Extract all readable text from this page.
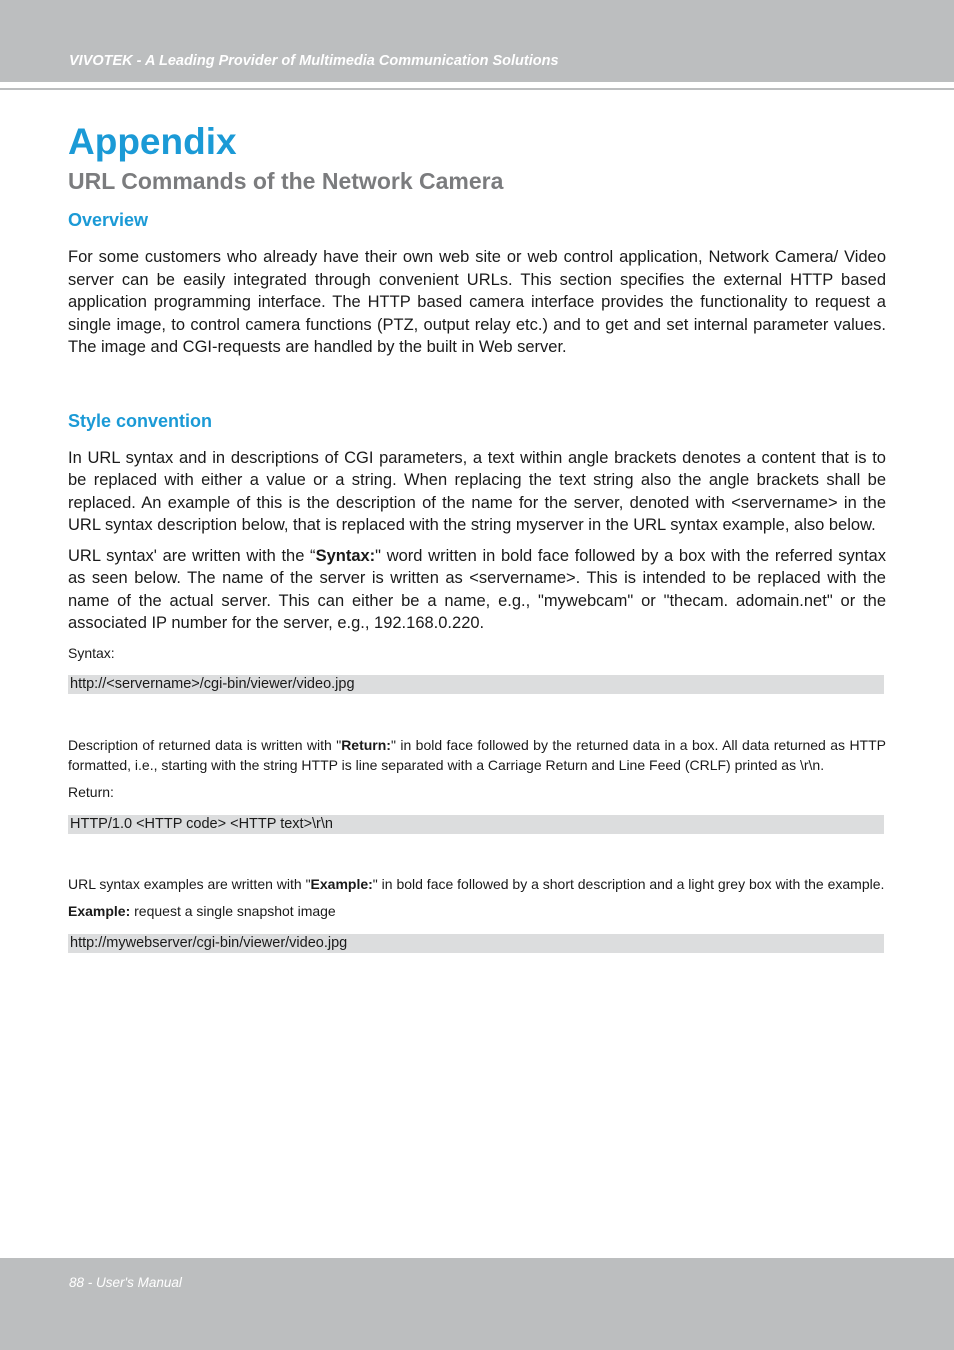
VIVOTEK - A Leading Provider of Multimedia Communication Solutions
Appendix
URL Commands of the Network Camera
Overview

For some customers who already have their own web site or web control application, Network Camera/ Video server can be easily integrated through convenient URLs. This section specifies the external HTTP based application programming interface. The HTTP based camera interface provides the functionality to request a single image, to control camera functions (PTZ, output relay etc.) and to get and set internal parameter values. The image and CGI-requests are handled by the built in Web server.

Style convention

In URL syntax and in descriptions of CGI parameters, a text within angle brackets denotes a content that is to be replaced with either a value or a string. When replacing the text string also the angle brackets shall be replaced. An example of this is the description of the name for the server, denoted with <servername> in the URL syntax description below, that is replaced with the string myserver in the URL syntax example, also below.

URL syntax' are written with the “Syntax:" word written in bold face followed by a box with the referred syntax as seen below. The name of the server is written as <servername>. This is intended to be replaced with the name of the actual server. This can either be a name, e.g., "mywebcam" or "thecam. adomain.net" or the associated IP number for the server, e.g., 192.168.0.220.

Syntax:

http://<servername>/cgi-bin/viewer/video.jpg

Description of returned data is written with "Return:" in bold face followed by the returned data in a box. All data returned as HTTP formatted, i.e., starting with the string HTTP is line separated with a Carriage Return and Line Feed (CRLF) printed as \r\n.

Return:

HTTP/1.0 <HTTP code> <HTTP text>\r\n

URL syntax examples are written with "Example:" in bold face followed by a short description and a light grey box with the example.

Example: request a single snapshot image

http://mywebserver/cgi-bin/viewer/video.jpg
88 - User's Manual
